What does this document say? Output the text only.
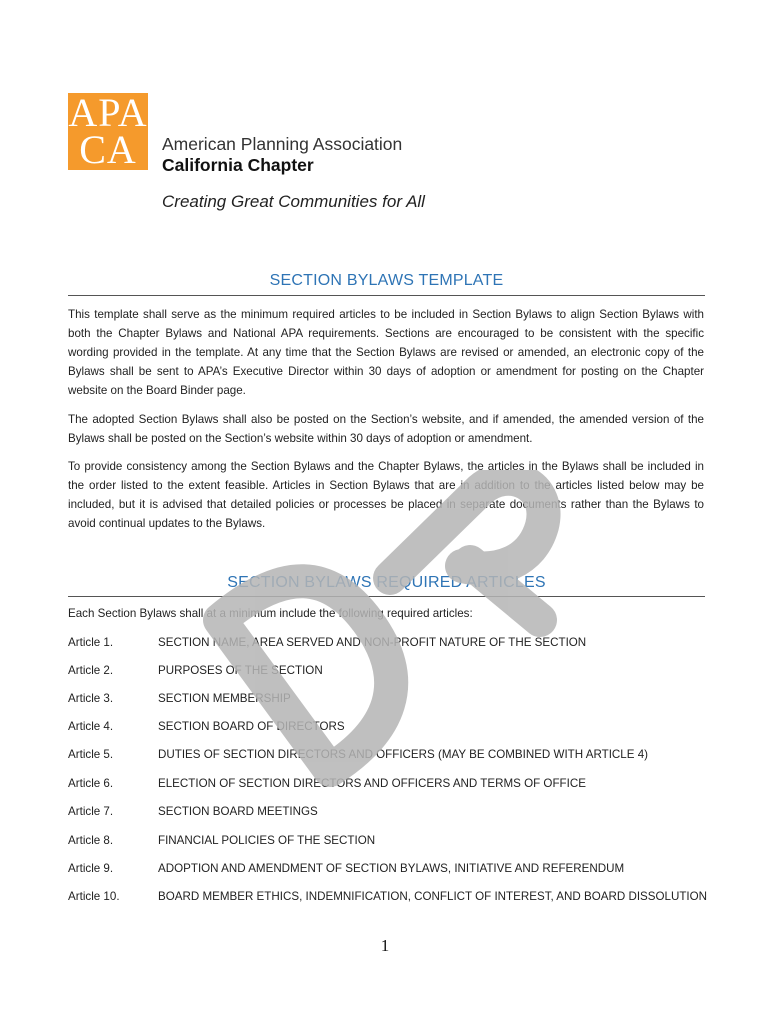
APA
CA	American Planning Association
California Chapter
Creating Great Communities for All
SECTION BYLAWS TEMPLATE

This template shall serve as the minimum required articles to be included in Section Bylaws to align Section Bylaws with both the Chapter Bylaws and National APA requirements. Sections are encouraged to be consistent with the specific wording provided in the template. At any time that the Section Bylaws are revised or amended, an electronic copy of the Bylaws shall be sent to APA’s Executive Director within 30 days of adoption or amendment for posting on the Chapter website on the Board Binder page.

The adopted Section Bylaws shall also be posted on the Section’s website, and if amended, the amended version of the Bylaws shall be posted on the Section’s website within 30 days of adoption or amendment.

To provide consistency among the Section Bylaws and the Chapter Bylaws, the articles in the Bylaws shall be included in the order listed to the extent feasible. Articles in Section Bylaws that are in addition to the articles listed below may be included, but it is advised that detailed policies or processes be placed in separate documents rather than the Bylaws to avoid continual updates to the Bylaws.

SECTION BYLAWS REQUIRED ARTICLES
Each Section Bylaws shall at a minimum include the following required articles:
Article 1.	SECTION NAME, AREA SERVED AND NON-PROFIT NATURE OF THE SECTION
Article 2.	PURPOSES OF THE SECTION
Article 3.	SECTION MEMBERSHIP
Article 4.	SECTION BOARD OF DIRECTORS
Article 5.	DUTIES OF SECTION DIRECTORS AND OFFICERS (MAY BE COMBINED WITH ARTICLE 4)
Article 6.	ELECTION OF SECTION DIRECTORS AND OFFICERS AND TERMS OF OFFICE
Article 7.	SECTION BOARD MEETINGS
Article 8.	FINANCIAL POLICIES OF THE SECTION
Article 9.	ADOPTION AND AMENDMENT OF SECTION BYLAWS, INITIATIVE AND REFERENDUM
Article 10.	BOARD MEMBER ETHICS, INDEMNIFICATION, CONFLICT OF INTEREST, AND BOARD DISSOLUTION
1
